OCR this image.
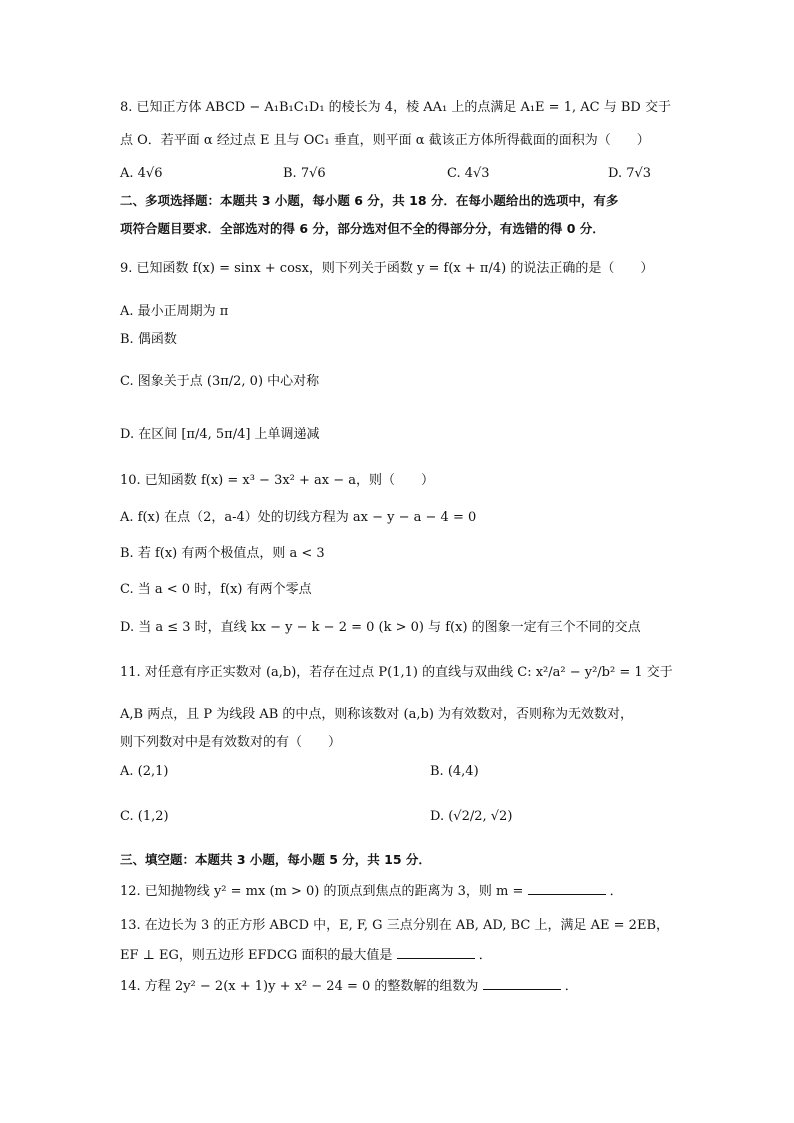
8. 已知正方体 ABCD − A₁B₁C₁D₁ 的棱长为 4，棱 AA₁ 上的点满足 A₁E = 1, AC 与 BD 交于
点 O．若平面 α 经过点 E 且与 OC₁ 垂直，则平面 α 截该正方体所得截面的面积为（　　）
A. 4√6	B. 7√6	C. 4√3	D. 7√3
二、多项选择题：本题共 3 小题，每小题 6 分，共 18 分．在每小题给出的选项中，有多
项符合题目要求．全部选对的得 6 分，部分选对但不全的得部分分，有选错的得 0 分．
9. 已知函数 f(x) = sinx + cosx，则下列关于函数 y = f(x + π/4) 的说法正确的是（　　）
A. 最小正周期为 π
B. 偶函数
C. 图象关于点 (3π/2, 0) 中心对称
D. 在区间 [π/4, 5π/4] 上单调递减
10. 已知函数 f(x) = x³ − 3x² + ax − a，则（　　）
A. f(x) 在点（2，a-4）处的切线方程为 ax − y − a − 4 = 0
B. 若 f(x) 有两个极值点，则 a < 3
C. 当 a < 0 时，f(x) 有两个零点
D. 当 a ≤ 3 时，直线 kx − y − k − 2 = 0 (k > 0) 与 f(x) 的图象一定有三个不同的交点
11. 对任意有序正实数对 (a,b)，若存在过点 P(1,1) 的直线与双曲线 C: x²/a² − y²/b² = 1 交于
A,B 两点，且 P 为线段 AB 的中点，则称该数对 (a,b) 为有效数对，否则称为无效数对，
则下列数对中是有效数对的有（　　）
A. (2,1)	B. (4,4)
C. (1,2)	D. (√2/2, √2)
三、填空题：本题共 3 小题，每小题 5 分，共 15 分．
12. 已知抛物线 y² = mx (m > 0) 的顶点到焦点的距离为 3，则 m =	．
13. 在边长为 3 的正方形 ABCD 中，E, F, G 三点分别在 AB, AD, BC 上，满足 AE = 2EB，
EF ⊥ EG，则五边形 EFDCG 面积的最大值是	．
14. 方程 2y² − 2(x + 1)y + x² − 24 = 0 的整数解的组数为	．
